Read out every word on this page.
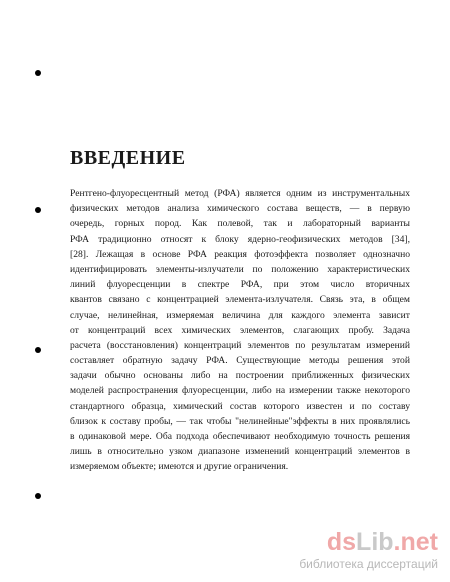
ВВЕДЕНИЕ
Рентгено-флуоресцентный метод (РФА) является одним из инструментальных
физических методов анализа химического состава веществ, — в первую
очередь, горных пород. Как полевой, так и лабораторный варианты
РФА традиционно относят к блоку ядерно-геофизических методов [34],
[28]. Лежащая в основе РФА реакция фотоэффекта позволяет однозначно
идентифицировать элементы-излучатели по положению характеристических
линий флуоресценции в спектре РФА, при этом число вторичных
квантов связано с концентрацией элемента-излучателя. Связь эта, в общем
случае, нелинейная, измеряемая величина для каждого элемента зависит
от концентраций всех химических элементов, слагающих пробу. Задача
расчета (восстановления) концентраций элементов по результатам измерений
составляет обратную задачу РФА. Существующие методы решения этой
задачи обычно основаны либо на построении приближенных физических
моделей распространения флуоресценции, либо на измерении также некоторого
стандартного образца, химический состав которого известен и по составу
близок к составу пробы, — так чтобы "нелинейные"эффекты в них проявлялись
в одинаковой мере. Оба подхода обеспечивают необходимую точность решения
лишь в относительно узком диапазоне изменений концентраций элементов в
измеряемом объекте; имеются и другие ограничения.
dsLib.net
библиотека диссертаций
